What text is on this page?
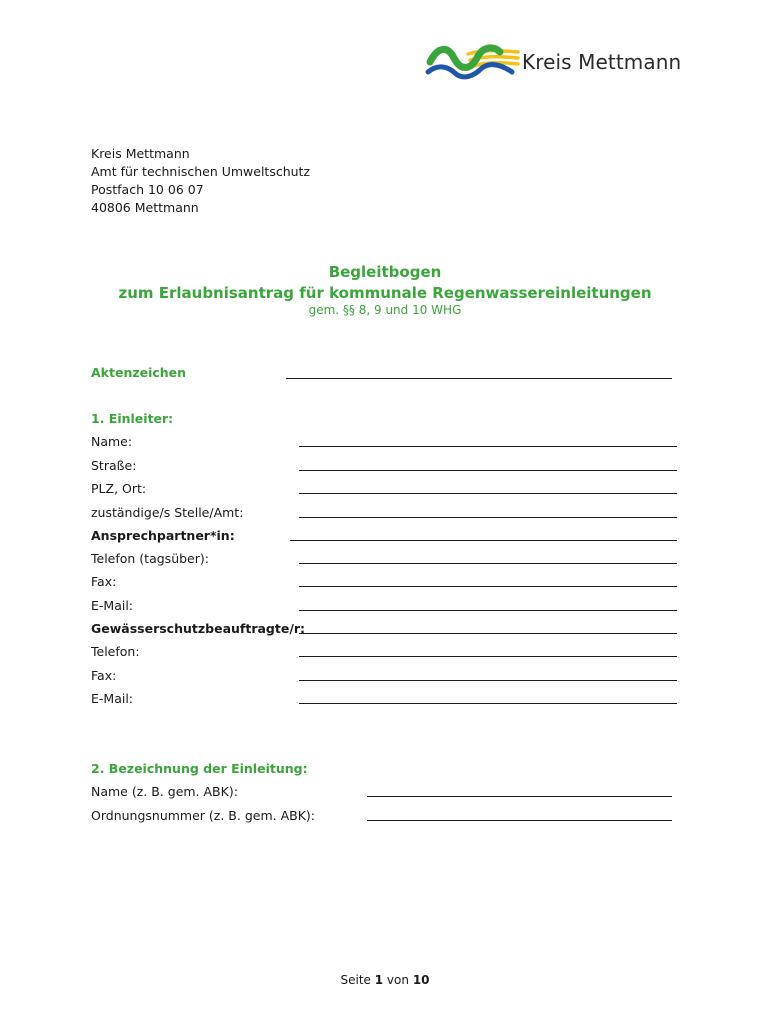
Kreis Mettmann
Kreis Mettmann
Amt für technischen Umweltschutz
Postfach 10 06 07
40806 Mettmann
Begleitbogen
zum Erlaubnisantrag für kommunale Regenwassereinleitungen
gem. §§ 8, 9 und 10 WHG
Aktenzeichen
1. Einleiter:
Name:
Straße:
PLZ, Ort:
zuständige/s Stelle/Amt:
Ansprechpartner*in:
Telefon (tagsüber):
Fax:
E-Mail:
Gewässerschutzbeauftragte/r:
Telefon:
Fax:
E-Mail:
2. Bezeichnung der Einleitung:
Name (z. B. gem. ABK):
Ordnungsnummer (z. B. gem. ABK):
Seite 1 von 10
